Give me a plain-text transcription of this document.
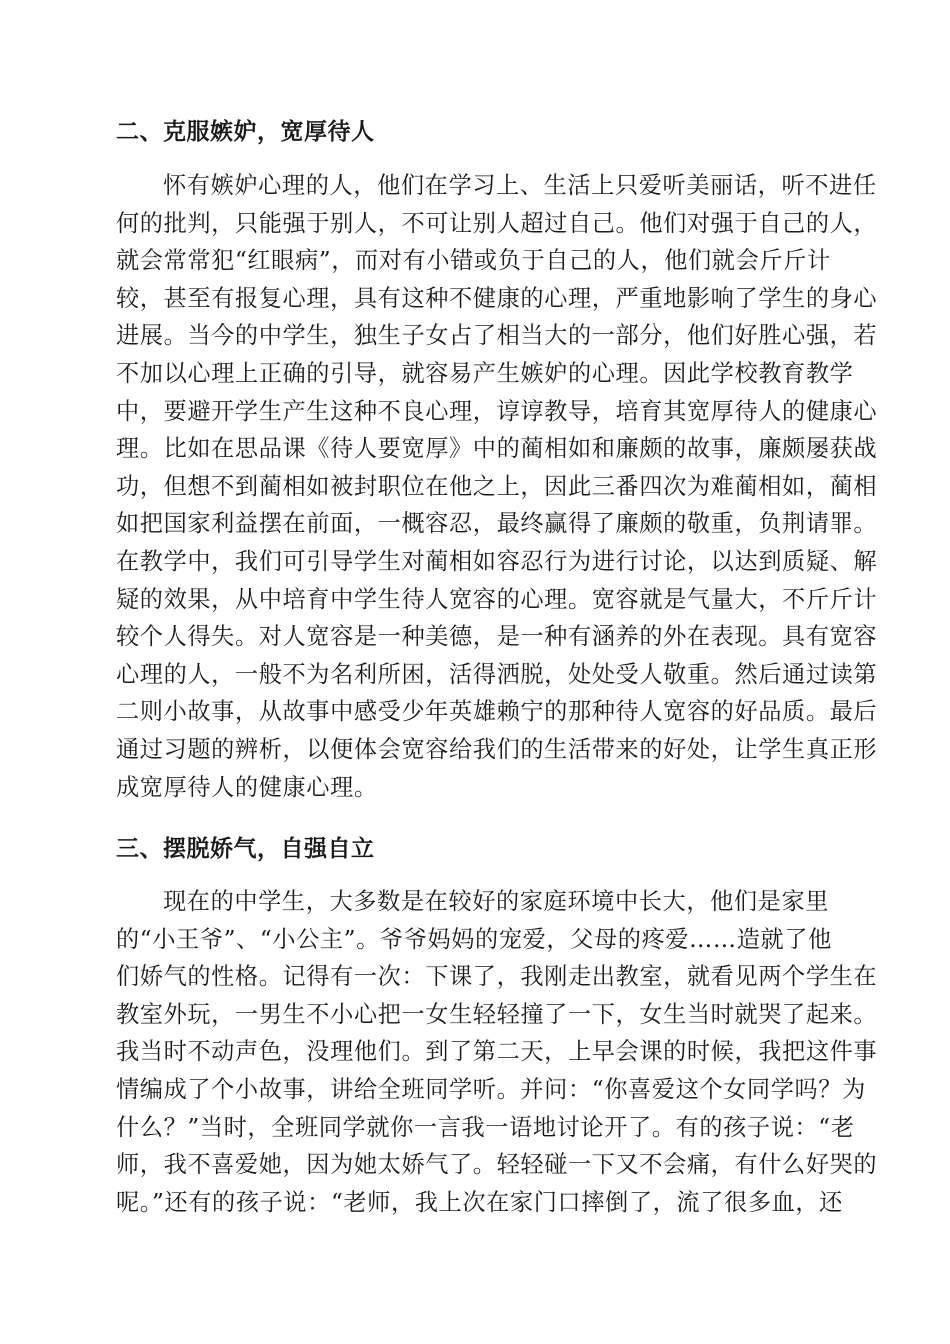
二、克服嫉妒，宽厚待人
怀有嫉妒心理的人，他们在学习上、生活上只爱听美丽话，听不进任
何的批判，只能强于别人，不可让别人超过自己。他们对强于自己的人，
就会常常犯“红眼病”，而对有小错或负于自己的人，他们就会斤斤计
较，甚至有报复心理，具有这种不健康的心理，严重地影响了学生的身心
进展。当今的中学生，独生子女占了相当大的一部分，他们好胜心强，若
不加以心理上正确的引导，就容易产生嫉妒的心理。因此学校教育教学
中，要避开学生产生这种不良心理，谆谆教导，培育其宽厚待人的健康心
理。比如在思品课《待人要宽厚》中的蔺相如和廉颇的故事，廉颇屡获战
功，但想不到蔺相如被封职位在他之上，因此三番四次为难蔺相如，蔺相
如把国家利益摆在前面，一概容忍，最终赢得了廉颇的敬重，负荆请罪。
在教学中，我们可引导学生对蔺相如容忍行为进行讨论，以达到质疑、解
疑的效果，从中培育中学生待人宽容的心理。宽容就是气量大，不斤斤计
较个人得失。对人宽容是一种美德，是一种有涵养的外在表现。具有宽容
心理的人，一般不为名利所困，活得洒脱，处处受人敬重。然后通过读第
二则小故事，从故事中感受少年英雄赖宁的那种待人宽容的好品质。最后
通过习题的辨析，以便体会宽容给我们的生活带来的好处，让学生真正形
成宽厚待人的健康心理。
三、摆脱娇气，自强自立
现在的中学生，大多数是在较好的家庭环境中长大，他们是家里
的“小王爷”、“小公主”。爷爷妈妈的宠爱，父母的疼爱……造就了他
们娇气的性格。记得有一次：下课了，我刚走出教室，就看见两个学生在
教室外玩，一男生不小心把一女生轻轻撞了一下，女生当时就哭了起来。
我当时不动声色，没理他们。到了第二天，上早会课的时候，我把这件事
情编成了个小故事，讲给全班同学听。并问：“你喜爱这个女同学吗？为
什么？”当时，全班同学就你一言我一语地讨论开了。有的孩子说：“老
师，我不喜爱她，因为她太娇气了。轻轻碰一下又不会痛，有什么好哭的
呢。”还有的孩子说：“老师，我上次在家门口摔倒了，流了很多血，还
